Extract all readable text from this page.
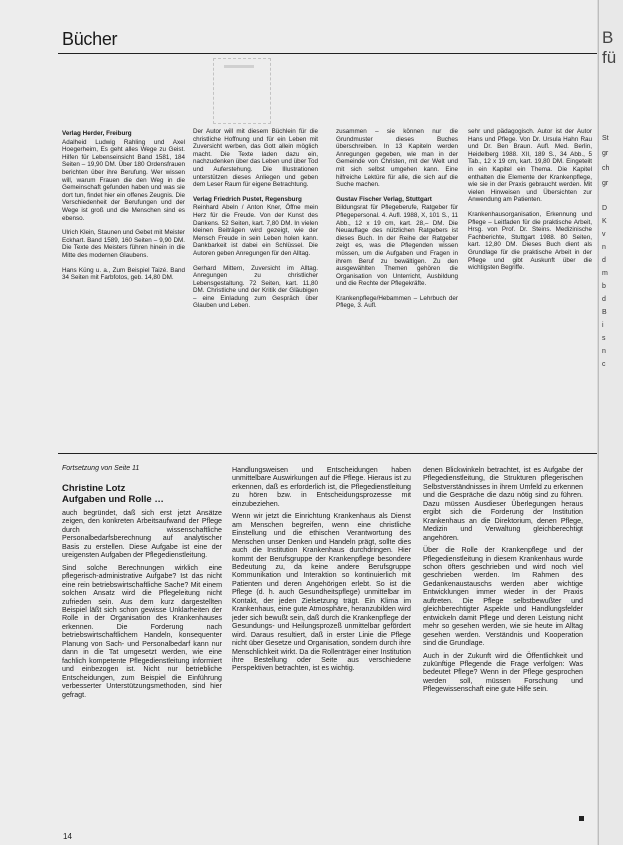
Bücher

Verlag Herder, Freiburg

Adalheid Ludwig Rahling und Axel Hoegerheim, Es geht alles Wege zu Geist. Hilfen für Lebenseinsicht Band 1581, 184 Seiten – 19,90 DM. Über 180 Ordensfrauen berichten über ihre Berufung. Wer wissen will, warum Frauen die den Weg in die Gemeinschaft gefunden haben und was sie dort tun, findet hier ein offenes Zeugnis. Die Verschiedenheit der Berufungen und der Wege ist groß und die Menschen sind es ebenso.

Ulrich Klein, Staunen und Gebet mit Meister Eckhart. Band 1589, 160 Seiten – 9,90 DM. Die Texte des Meisters führen hinein in die Mitte des modernen Glaubens.

Hans Küng u. a., Zum Beispiel Taizé. Band 34 Seiten mit Farbfotos, geb. 14,80 DM.

Der Autor will mit diesem Büchlein für die christliche Hoffnung und für ein Leben mit Zuversicht werben, das Gott allein möglich macht. Die Texte laden dazu ein, nachzudenken über das Leben und über Tod und Auferstehung. Die Illustrationen unterstützen dieses Anliegen und geben dem Leser Raum für eigene Betrachtung.

Verlag Friedrich Pustet, Regensburg

Reinhard Abeln / Anton Kner, Öffne mein Herz für die Freude. Von der Kunst des Dankens. 52 Seiten, kart. 7,80 DM. In vielen kleinen Beiträgen wird gezeigt, wie der Mensch Freude in sein Leben holen kann. Dankbarkeit ist dabei ein Schlüssel. Die Autoren geben Anregungen für den Alltag.

Gerhard Mittern, Zuversicht im Alltag. Anregungen zu christlicher Lebensgestaltung. 72 Seiten, kart. 11,80 DM. Christliche und der Kritik der Gläubigen – eine Einladung zum Gespräch über Glauben und Leben.

zusammen – sie können nur die Grundmuster dieses Buches überschreiben. In 13 Kapiteln werden Anregungen gegeben, wie man in der Gemeinde von Christen, mit der Welt und mit sich selbst umgehen kann. Eine hilfreiche Lektüre für alle, die sich auf die Suche machen.

Gustav Fischer Verlag, Stuttgart

Bildungsrat für Pflegeberufe, Ratgeber für Pflegepersonal. 4. Aufl. 1988, X, 101 S., 11 Abb., 12 x 19 cm, kart. 28,– DM. Die Neuauflage des nützlichen Ratgebers ist dieses Buch. In der Reihe der Ratgeber zeigt es, was die Pflegenden wissen müssen, um die Aufgaben und Fragen in ihrem Beruf zu bewältigen. Zu den ausgewählten Themen gehören die Organisation von Unterricht, Ausbildung und die Rechte der Pflegekräfte.

Krankenpflege/Hebammen – Lehrbuch der Pflege, 3. Aufl.

sehr und pädagogisch. Autor ist der Autor Hans und Pflege. Von Dr. Ursula Hahn Rau und Dr. Ben Braun. Aufl. Med. Berlin, Heidelberg 1988. XII, 189 S., 34 Abb., 5 Tab., 12 x 19 cm, kart. 19,80 DM. Eingeteilt in ein Kapitel ein Thema. Die Kapitel enthalten die Elemente der Krankenpflege, wie sie in der Praxis gebraucht werden. Mit vielen Hinweisen und Übersichten zur Anwendung am Patienten.

Krankenhausorganisation, Erkennung und Pflege – Leitfaden für die praktische Arbeit, Hrsg. von Prof. Dr. Steins. Medizinische Fachberichte, Stuttgart 1988. 80 Seiten, kart. 12,80 DM. Dieses Buch dient als Grundlage für die praktische Arbeit in der Pflege und gibt Auskunft über die wichtigsten Begriffe.

Fortsetzung von Seite 11
Christine Lotz
Aufgaben und Rolle …

auch begründet, daß sich erst jetzt Ansätze zeigen, den konkreten Arbeitsaufwand der Pflege durch wissenschaftliche Personalbedarfsberechnung auf analytischer Basis zu erstellen. Diese Aufgabe ist eine der ureigensten Aufgaben der Pflegedienstleitung.

Sind solche Berechnungen wirklich eine pflegerisch-administrative Aufgabe? Ist das nicht eine rein betriebswirtschaftliche Sache? Mit einem solchen Ansatz wird die Pflegeleitung nicht zufrieden sein. Aus dem kurz dargestellten Beispiel läßt sich schon gewisse Unklarheiten der Rolle in der Organisation des Krankenhauses erkennen. Die Forderung nach betriebswirtschaftlichem Handeln, konsequenter Planung von Sach- und Personalbedarf kann nur dann in die Tat umgesetzt werden, wie eine fachlich kompetente Pflegedienstleitung informiert und einbezogen ist. Nicht nur betriebliche Entscheidungen, zum Beispiel die Einführung verbesserter Unterstützungsmethoden, sind hier gefragt.

Handlungsweisen und Entscheidungen haben unmittelbare Auswirkungen auf die Pflege. Hieraus ist zu erkennen, daß es erforderlich ist, die Pflegedienstleitung zu hören bzw. in Entscheidungsprozesse mit einzubeziehen.

Wenn wir jetzt die Einrichtung Krankenhaus als Dienst am Menschen begreifen, wenn eine christliche Einstellung und die ethischen Verantwortung des Menschen unser Denken und Handeln prägt, sollte dies auch die Institution Krankenhaus durchdringen. Hier kommt der Berufsgruppe der Krankenpflege besondere Bedeutung zu, da keine andere Berufsgruppe Kommunikation und Interaktion so kontinuierlich mit Patienten und deren Angehörigen erlebt. So ist die Pflege (d. h. auch Gesundheitspflege) unmittelbar im Kontakt, der jeden Zielsetzung trägt. Ein Klima im Krankenhaus, eine gute Atmosphäre, heranzubilden wird jeder sich bewußt sein, daß durch die Krankenpflege der Gesundungs- und Heilungsprozeß unmittelbar gefördert wird. Daraus resultiert, daß in erster Linie die Pflege nicht über Gesetze und Organisation, sondern durch ihre Menschlichkeit wirkt. Da die Rollenträger einer Institution ihre Bestellung oder Seite aus verschiedene Perspektiven betrachten, ist es wichtig.

denen Blickwinkeln betrachtet, ist es Aufgabe der Pflegedienstleitung, die Strukturen pflegerischen Selbstverständnisses in ihrem Umfeld zu erkennen und die Gespräche die dazu nötig sind zu führen. Dazu müssen Ausdieser Überlegungen heraus ergibt sich die Forderung der Institution Krankenhaus an die Direktorium, denen Pflege, Medizin und Verwaltung gleichberechtigt angehören.

Über die Rolle der Krankenpflege und der Pflegedienstleitung in diesem Krankenhaus wurde schon öfters geschrieben und wird noch viel geschrieben werden. Im Rahmen des Gedankenaustauschs werden aber wichtige Entwicklungen immer wieder in der Praxis auftreten. Die Pflege selbstbewußter und gleichberechtigter Aspekte und Handlungsfelder entwickeln damit Pflege und deren Leistung nicht mehr so gesehen werden, wie sie heute im Alltag gesehen werden. Verständnis und Kooperation sind die Grundlage.

Auch in der Zukunft wird die Öffentlichkeit und zukünftige Pflegende die Frage verfolgen: Was bedeutet Pflege? Wenn in der Pflege gesprochen werden soll, müssen Forschung und Pflegewissenschaft eine gute Hilfe sein.

14
B
fü
St
gr
ch
gr
D
K
v
n
d
m
b
d
B
i
s
n
c
